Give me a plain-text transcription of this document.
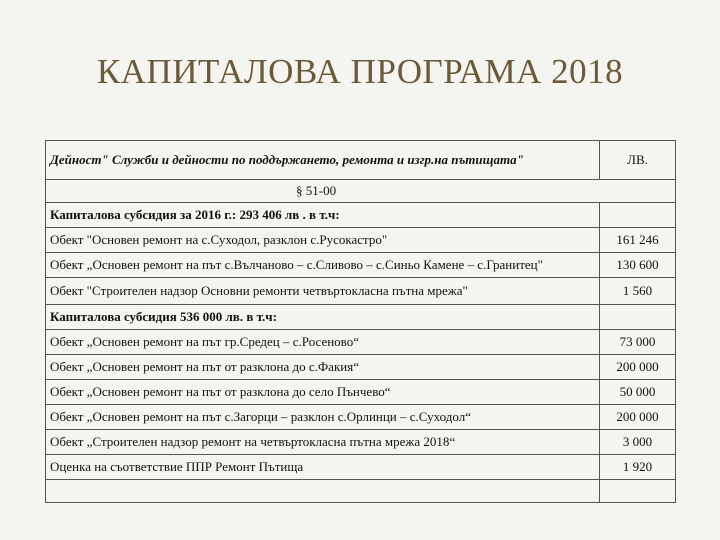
КАПИТАЛОВА ПРОГРАМА 2018
Дейност" Служби и дейности по поддържането, ремонта и изгр.на пътищата"	ЛВ.
§ 51-00	
Капиталова субсидия за 2016 г.: 293 406 лв . в т.ч:	
Обект "Основен ремонт на с.Суходол, разклон с.Русокастро"	161 246
Обект „Основен ремонт на път с.Вълчаново – с.Сливово – с.Синьо Камене – с.Гранитец"	130 600
Обект "Строителен надзор Основни ремонти четвъртокласна пътна мрежа"	1 560
Капиталова субсидия 536 000 лв. в т.ч:	
Обект „Основен ремонт на път гр.Средец – с.Росеново“	73 000
Обект „Основен ремонт на път от разклона до с.Факия“	200 000
Обект „Основен ремонт на път от разклона до село Пънчево“	50 000
Обект „Основен ремонт на път с.Загорци – разклон с.Орлинци – с.Суходол“	200 000
Обект „Строителен надзор ремонт на четвъртокласна пътна мрежа 2018“	3 000
Оценка на съответствие ППР Ремонт Пътища	1 920
